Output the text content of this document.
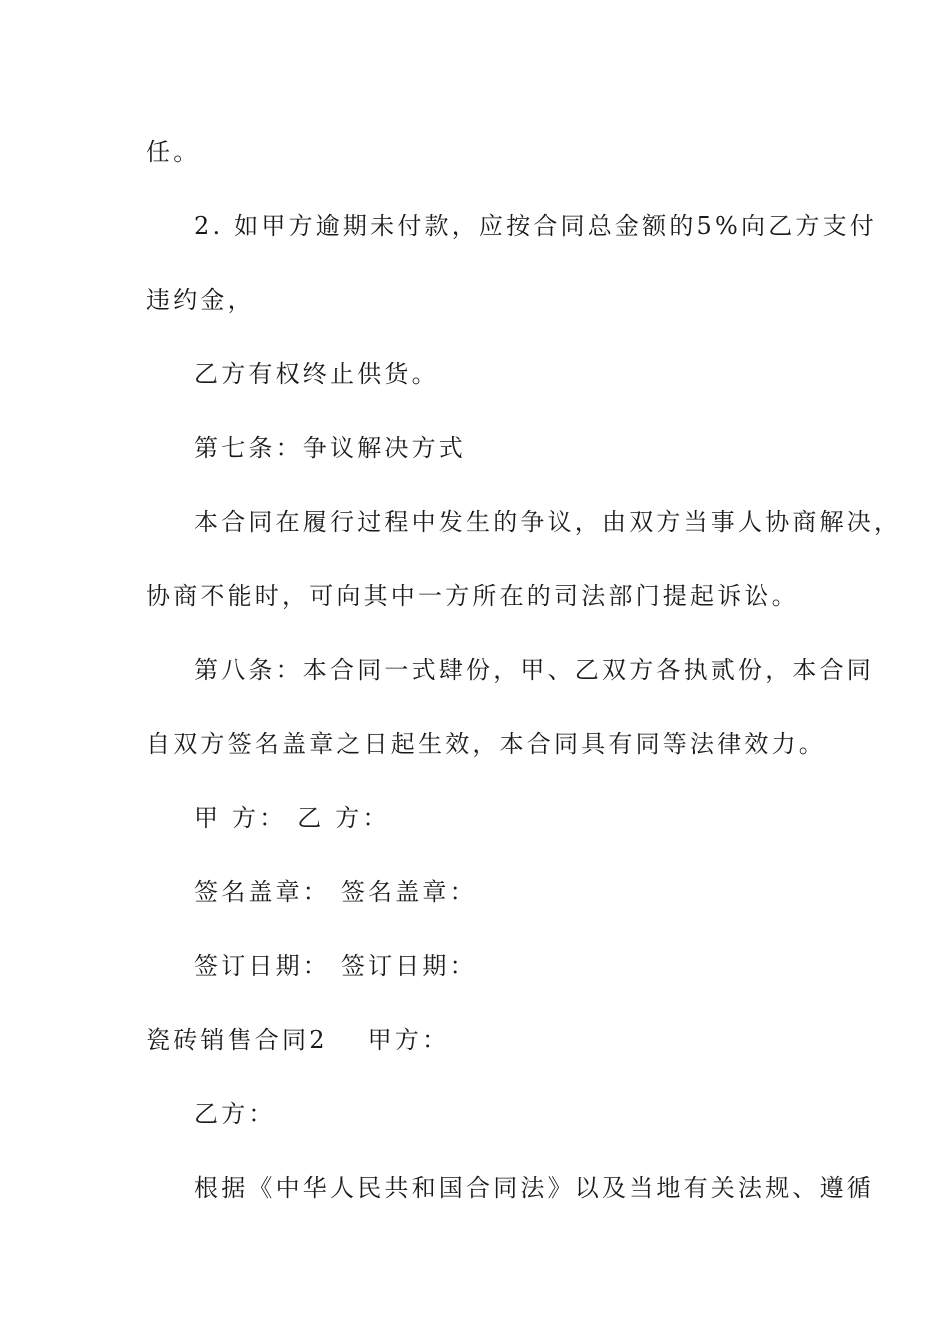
任。
2. 如甲方逾期未付款，应按合同总金额的5%向乙方支付
违约金，
乙方有权终止供货。
第七条：争议解决方式
本合同在履行过程中发生的争议，由双方当事人协商解决，
协商不能时，可向其中一方所在的司法部门提起诉讼。
第八条：本合同一式肆份，甲、乙双方各执贰份，本合同
自双方签名盖章之日起生效，本合同具有同等法律效力。
甲 方： 乙 方：
签名盖章： 签名盖章：
签订日期： 签订日期：
瓷砖销售合同2 甲方：
乙方：
根据《中华人民共和国合同法》以及当地有关法规、遵循
